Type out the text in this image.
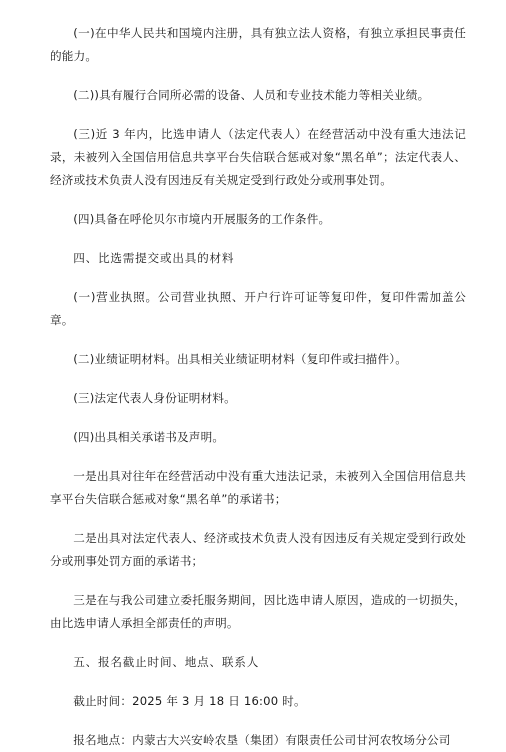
(一)在中华人民共和国境内注册，具有独立法人资格，有独立承担民事责任的能力。

(二))具有履行合同所必需的设备、人员和专业技术能力等相关业绩。

(三)近 3 年内，比选申请人（法定代表人）在经营活动中没有重大违法记录，未被列入全国信用信息共享平台失信联合惩戒对象“黑名单”；法定代表人、经济或技术负责人没有因违反有关规定受到行政处分或刑事处罚。

(四)具备在呼伦贝尔市境内开展服务的工作条件。

四、比选需提交或出具的材料

(一)营业执照。公司营业执照、开户行许可证等复印件，复印件需加盖公章。

(二)业绩证明材料。出具相关业绩证明材料（复印件或扫描件）。

(三)法定代表人身份证明材料。

(四)出具相关承诺书及声明。

一是出具对往年在经营活动中没有重大违法记录，未被列入全国信用信息共享平台失信联合惩戒对象“黑名单”的承诺书；

二是出具对法定代表人、经济或技术负责人没有因违反有关规定受到行政处分或刑事处罚方面的承诺书；

三是在与我公司建立委托服务期间，因比选申请人原因，造成的一切损失，由比选申请人承担全部责任的声明。

五、报名截止时间、地点、联系人

截止时间：2025 年 3 月 18 日 16:00 时。

报名地点：内蒙古大兴安岭农垦（集团）有限责任公司甘河农牧场分公司
